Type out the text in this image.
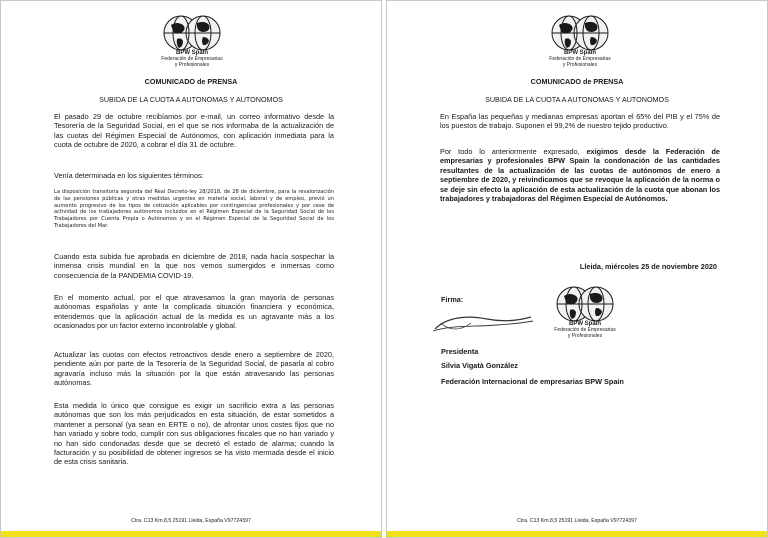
BPW Spain
Federación de Empresarias
y Profesionales
COMUNICADO de PRENSA
SUBIDA DE LA CUOTA A AUTONOMAS Y AUTONOMOS
El pasado 29 de octubre recibíamos por e-mail, un correo informativo desde la Tesorería de la Seguridad Social, en el que se nos informaba de la actualización de las cuotas del Régimen Especial de Autónomos, con aplicación inmediata para la cuota de octubre de 2020, a cobrar el día 31 de octubre.
Venía determinada en los siguientes términos:
La disposición transitoria segunda del Real Decreto-ley 28/2018, de 28 de diciembre, para la revalorización de las pensiones públicas y otras medidas urgentes en materia social, laboral y de empleo, previó un aumento progresivo de los tipos de cotización aplicables por contingencias profesionales y por cese de actividad de los trabajadores autónomos incluidos en el Régimen Especial de la Seguridad Social de los Trabajadores por Cuenta Propia o Autónomos y en el Régimen Especial de la Seguridad Social de los Trabajadores del Mar.
Cuando esta subida fue aprobada en diciembre de 2018, nada hacía sospechar la inmensa crisis mundial en la que nos vemos sumergidos e inmersas como consecuencia de la PANDEMIA COVID-19.
En el momento actual, por el que atravesamos la gran mayoría de personas autónomas españolas y ante la complicada situación financiera y económica, entendemos que la aplicación actual de la medida es un agravante más a los ocasionados por un factor externo incontrolable y global.
Actualizar las cuotas con efectos retroactivos desde enero a septiembre de 2020, pendiente aún por parte de la Tesorería de la Seguridad Social, de pasarla al cobro agravaría incluso más la situación por la que están atravesando las personas autónomas.
Esta medida lo único que consigue es exigir un sacrificio extra a las personas autónomas que son los más perjudicados en esta situación, de estar sometidos a mantener a personal (ya sean en ERTE o no), de afrontar unos costes fijos que no han variado y sobre todo, cumplir con sus obligaciones fiscales que no han variado y no han sido condonadas desde que se decretó el estado de alarma; cuando la facturación y su posibilidad de obtener ingresos se ha visto mermada desde el inicio de esta crisis sanitaria.
Ctra. C13 Km.8,5 25191 Lleida, España V97724397
BPW Spain
Federación de Empresarias
y Profesionales
COMUNICADO de PRENSA
SUBIDA DE LA CUOTA A AUTONOMAS Y AUTONOMOS
En España las pequeñas y medianas empresas aportan el 65% del PIB y el 75% de los puestos de trabajo. Suponen el 99,2% de nuestro tejido productivo.
Por todo lo anteriormente expresado, exigimos desde la Federación de empresarias y profesionales BPW Spain la condonación de las cantidades resultantes de la actualización de las cuotas de autónomos de enero a septiembre de 2020, y reivindicamos que se revoque la aplicación de la norma o se deje sin efecto la aplicación de esta actualización de la cuota que abonan los trabajadores y trabajadoras del Régimen Especial de Autónomos.
Lleida, miércoles 25 de noviembre 2020
Firma:
BPW Spain
Federación de Empresarias
y Profesionales
Presidenta
Silvia Vigatà González
Federación Internacional de empresarias BPW Spain
Ctra. C13 Km.8,5 25191 Lleida, España V97724397
